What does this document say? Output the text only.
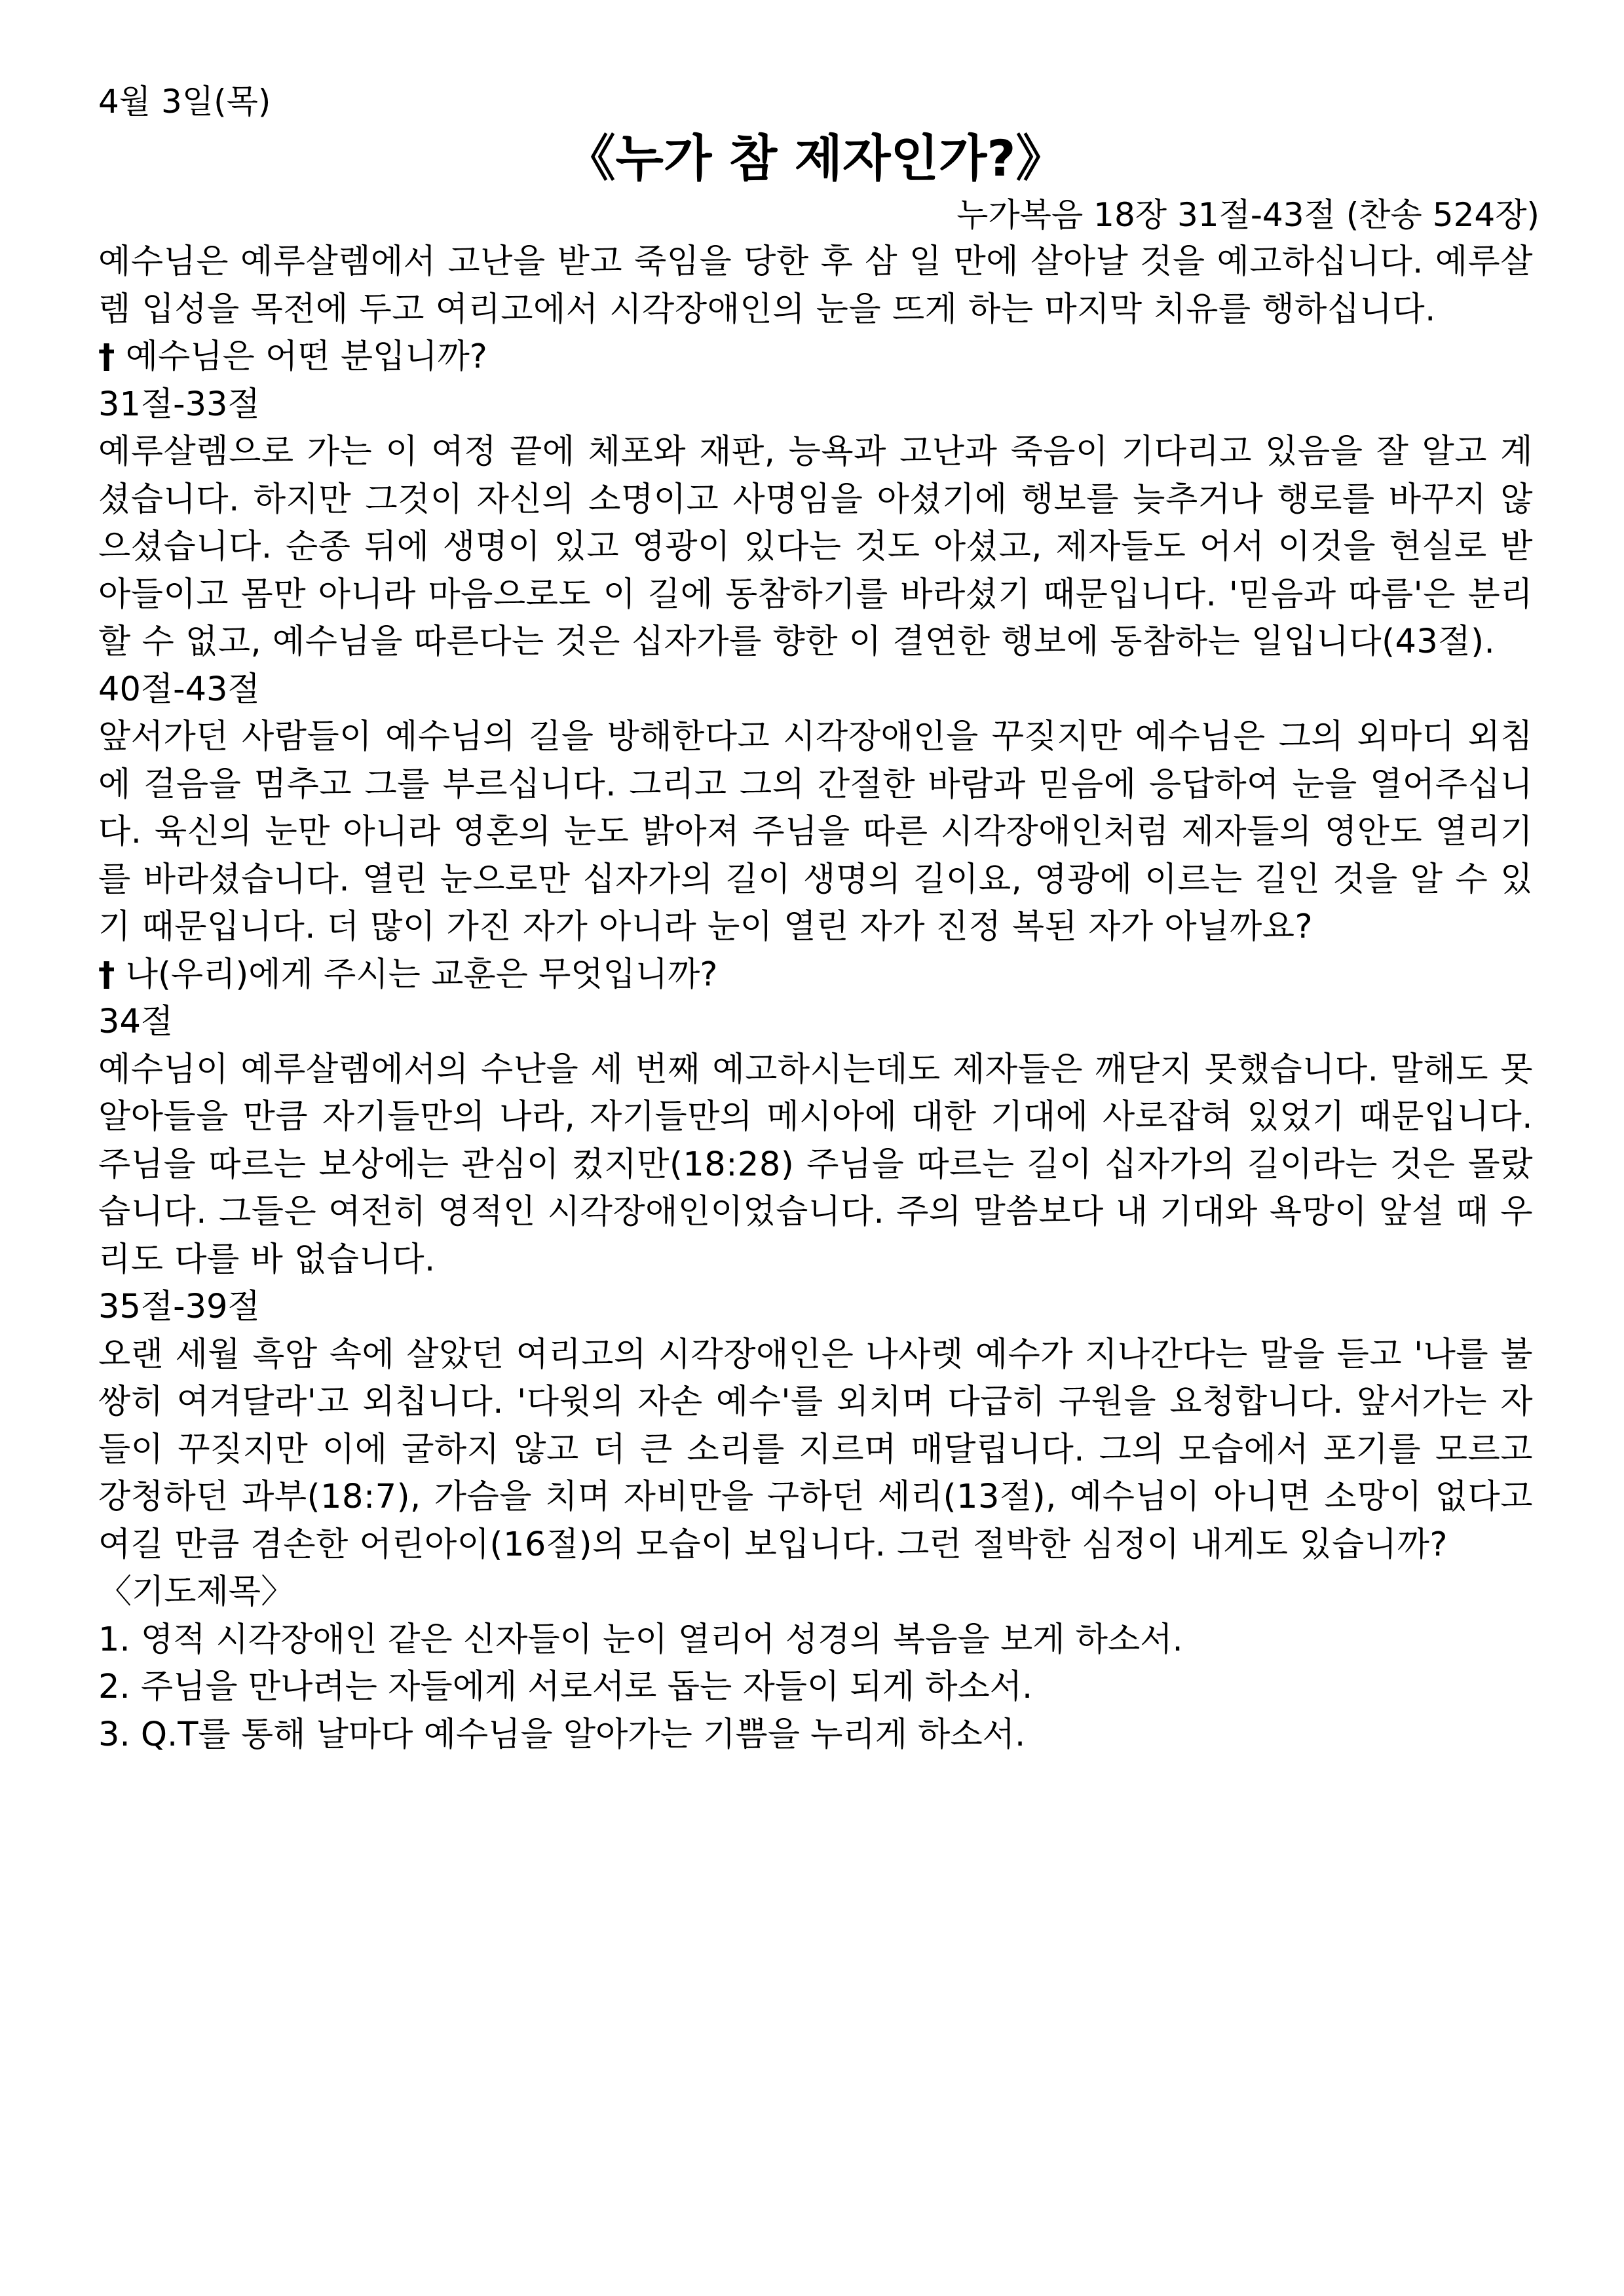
4월 3일(목)
《누가 참 제자인가?》
누가복음 18장 31절-43절 (찬송 524장)
예수님은 예루살렘에서 고난을 받고 죽임을 당한 후 삼 일 만에 살아날 것을 예고하십니다. 예루살렘 입성을 목전에 두고 여리고에서 시각장애인의 눈을 뜨게 하는 마지막 치유를 행하십니다.
† 예수님은 어떤 분입니까?
31절-33절
예루살렘으로 가는 이 여정 끝에 체포와 재판, 능욕과 고난과 죽음이 기다리고 있음을 잘 알고 계셨습니다. 하지만 그것이 자신의 소명이고 사명임을 아셨기에 행보를 늦추거나 행로를 바꾸지 않으셨습니다. 순종 뒤에 생명이 있고 영광이 있다는 것도 아셨고, 제자들도 어서 이것을 현실로 받아들이고 몸만 아니라 마음으로도 이 길에 동참하기를 바라셨기 때문입니다. '믿음과 따름'은 분리할 수 없고, 예수님을 따른다는 것은 십자가를 향한 이 결연한 행보에 동참하는 일입니다(43절).
40절-43절
앞서가던 사람들이 예수님의 길을 방해한다고 시각장애인을 꾸짖지만 예수님은 그의 외마디 외침에 걸음을 멈추고 그를 부르십니다. 그리고 그의 간절한 바람과 믿음에 응답하여 눈을 열어주십니다. 육신의 눈만 아니라 영혼의 눈도 밝아져 주님을 따른 시각장애인처럼 제자들의 영안도 열리기를 바라셨습니다. 열린 눈으로만 십자가의 길이 생명의 길이요, 영광에 이르는 길인 것을 알 수 있기 때문입니다. 더 많이 가진 자가 아니라 눈이 열린 자가 진정 복된 자가 아닐까요?
† 나(우리)에게 주시는 교훈은 무엇입니까?
34절
예수님이 예루살렘에서의 수난을 세 번째 예고하시는데도 제자들은 깨닫지 못했습니다. 말해도 못 알아들을 만큼 자기들만의 나라, 자기들만의 메시아에 대한 기대에 사로잡혀 있었기 때문입니다. 주님을 따르는 보상에는 관심이 컸지만(18:28) 주님을 따르는 길이 십자가의 길이라는 것은 몰랐습니다. 그들은 여전히 영적인 시각장애인이었습니다. 주의 말씀보다 내 기대와 욕망이 앞설 때 우리도 다를 바 없습니다.
35절-39절
오랜 세월 흑암 속에 살았던 여리고의 시각장애인은 나사렛 예수가 지나간다는 말을 듣고 '나를 불쌍히 여겨달라'고 외칩니다. '다윗의 자손 예수'를 외치며 다급히 구원을 요청합니다. 앞서가는 자들이 꾸짖지만 이에 굴하지 않고 더 큰 소리를 지르며 매달립니다. 그의 모습에서 포기를 모르고 강청하던 과부(18:7), 가슴을 치며 자비만을 구하던 세리(13절), 예수님이 아니면 소망이 없다고 여길 만큼 겸손한 어린아이(16절)의 모습이 보입니다. 그런 절박한 심정이 내게도 있습니까?
〈기도제목〉
1. 영적 시각장애인 같은 신자들이 눈이 열리어 성경의 복음을 보게 하소서.
2. 주님을 만나려는 자들에게 서로서로 돕는 자들이 되게 하소서.
3. Q.T를 통해 날마다 예수님을 알아가는 기쁨을 누리게 하소서.
